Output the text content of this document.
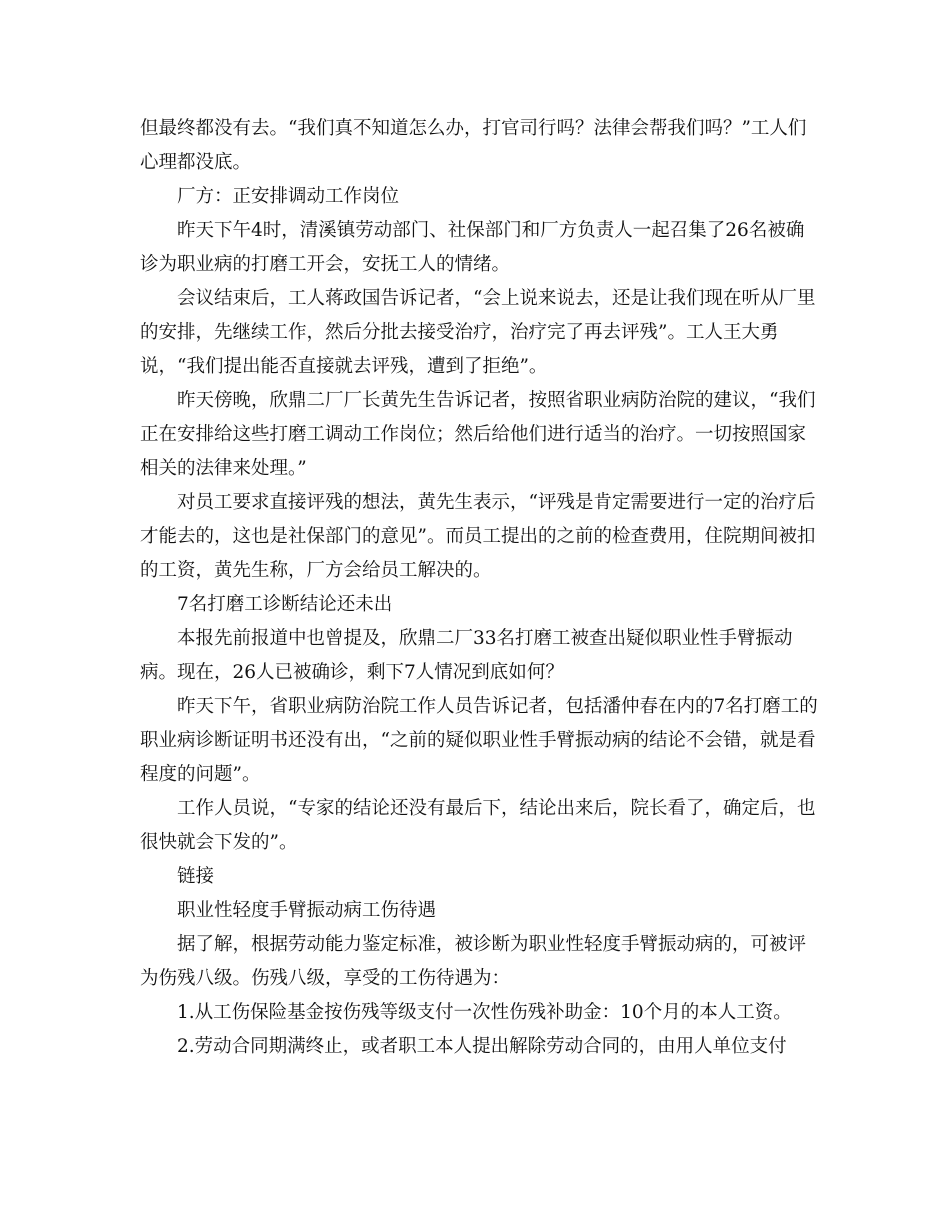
但最终都没有去。“我们真不知道怎么办，打官司行吗？法律会帮我们吗？”工人们心理都没底。

厂方：正安排调动工作岗位

昨天下午4时，清溪镇劳动部门、社保部门和厂方负责人一起召集了26名被确诊为职业病的打磨工开会，安抚工人的情绪。

会议结束后，工人蒋政国告诉记者，“会上说来说去，还是让我们现在听从厂里的安排，先继续工作，然后分批去接受治疗，治疗完了再去评残”。工人王大勇说，“我们提出能否直接就去评残，遭到了拒绝”。

昨天傍晚，欣鼎二厂厂长黄先生告诉记者，按照省职业病防治院的建议，“我们正在安排给这些打磨工调动工作岗位；然后给他们进行适当的治疗。一切按照国家相关的法律来处理。”

对员工要求直接评残的想法，黄先生表示，“评残是肯定需要进行一定的治疗后才能去的，这也是社保部门的意见”。而员工提出的之前的检查费用，住院期间被扣的工资，黄先生称，厂方会给员工解决的。

7名打磨工诊断结论还未出

本报先前报道中也曾提及，欣鼎二厂33名打磨工被查出疑似职业性手臂振动病。现在，26人已被确诊，剩下7人情况到底如何？

昨天下午，省职业病防治院工作人员告诉记者，包括潘仲春在内的7名打磨工的职业病诊断证明书还没有出，“之前的疑似职业性手臂振动病的结论不会错，就是看程度的问题”。

工作人员说，“专家的结论还没有最后下，结论出来后，院长看了，确定后，也很快就会下发的”。

链接

职业性轻度手臂振动病工伤待遇

据了解，根据劳动能力鉴定标准，被诊断为职业性轻度手臂振动病的，可被评为伤残八级。伤残八级，享受的工伤待遇为：

1.从工伤保险基金按伤残等级支付一次性伤残补助金：10个月的本人工资。

2.劳动合同期满终止，或者职工本人提出解除劳动合同的，由用人单位支付
